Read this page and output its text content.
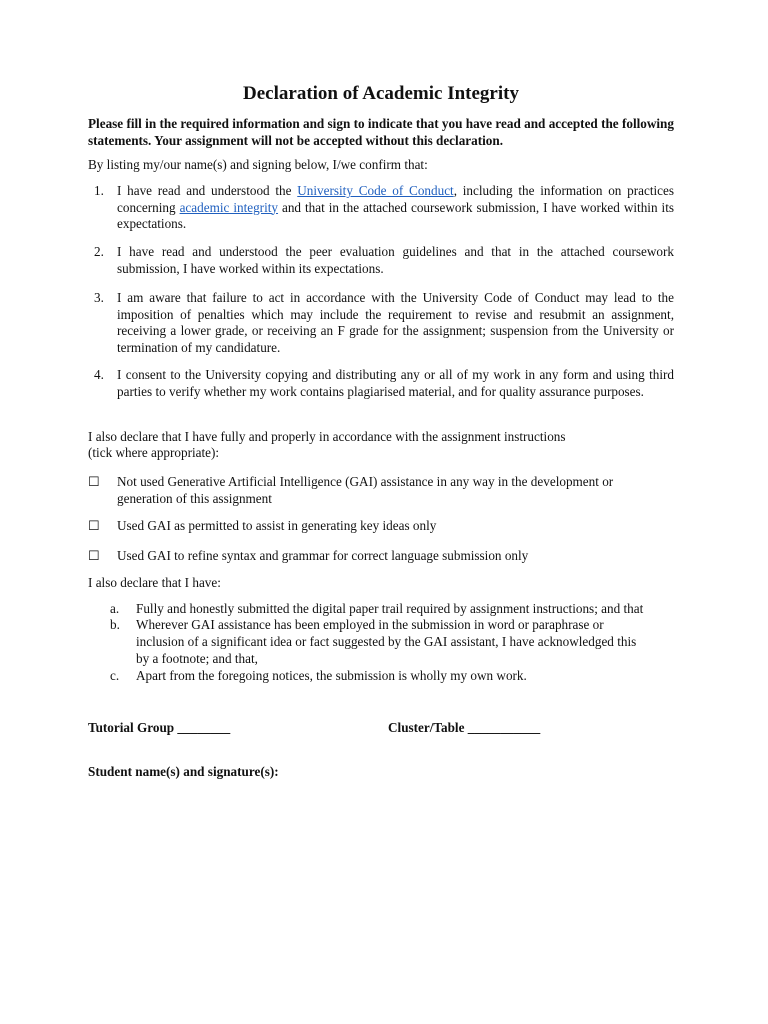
Declaration of Academic Integrity
Please fill in the required information and sign to indicate that you have read and accepted the following statements. Your assignment will not be accepted without this declaration.
By listing my/our name(s) and signing below, I/we confirm that:
1. I have read and understood the University Code of Conduct, including the information on practices concerning academic integrity and that in the attached coursework submission, I have worked within its expectations.
2. I have read and understood the peer evaluation guidelines and that in the attached coursework submission, I have worked within its expectations.
3. I am aware that failure to act in accordance with the University Code of Conduct may lead to the imposition of penalties which may include the requirement to revise and resubmit an assignment, receiving a lower grade, or receiving an F grade for the assignment; suspension from the University or termination of my candidature.
4. I consent to the University copying and distributing any or all of my work in any form and using third parties to verify whether my work contains plagiarised material, and for quality assurance purposes.
I also declare that I have fully and properly in accordance with the assignment instructions
(tick where appropriate):
☐ Not used Generative Artificial Intelligence (GAI) assistance in any way in the development or
generation of this assignment
☐ Used GAI as permitted to assist in generating key ideas only
☐ Used GAI to refine syntax and grammar for correct language submission only
I also declare that I have:
a. Fully and honestly submitted the digital paper trail required by assignment instructions; and that
b. Wherever GAI assistance has been employed in the submission in word or paraphrase or
inclusion of a significant idea or fact suggested by the GAI assistant, I have acknowledged this
by a footnote; and that,
c. Apart from the foregoing notices, the submission is wholly my own work.
Tutorial Group ________	Cluster/Table ___________
Student name(s) and signature(s):
